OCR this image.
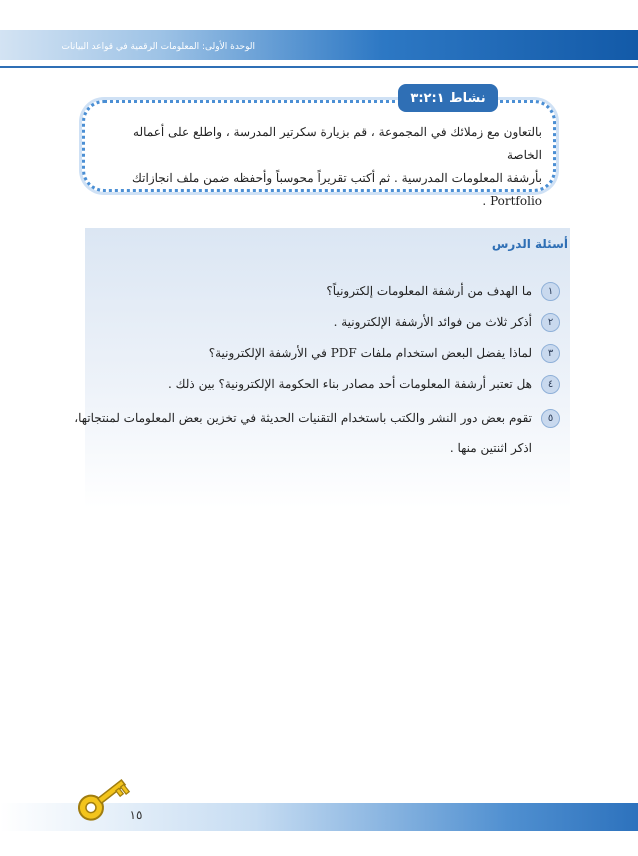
الوحدة الأولى: المعلومات الرقمية في قواعد البيانات
نشاط ٣:٢:١
بالتعاون مع زملائك في المجموعة ، قم بزيارة سكرتير المدرسة ، واطلع على أعماله الخاصة
بأرشفة المعلومات المدرسية . ثم أكتب تقريراً محوسباً وأحفظه ضمن ملف انجازاتك Portfolio .
أسئلة الدرس
١
ما الهدف من أرشفة المعلومات إلكترونياً؟
٢
أذكر ثلاث من فوائد الأرشفة الإلكترونية .
٣
لماذا يفضل البعض استخدام ملفات PDF في الأرشفة الإلكترونية؟
٤
هل تعتبر أرشفة المعلومات أحد مصادر بناء الحكومة الإلكترونية؟ بين ذلك .
٥
تقوم بعض دور النشر والكتب باستخدام التقنيات الحديثة في تخزين بعض المعلومات لمنتجاتها،
اذكر اثنتين منها .
١٥
